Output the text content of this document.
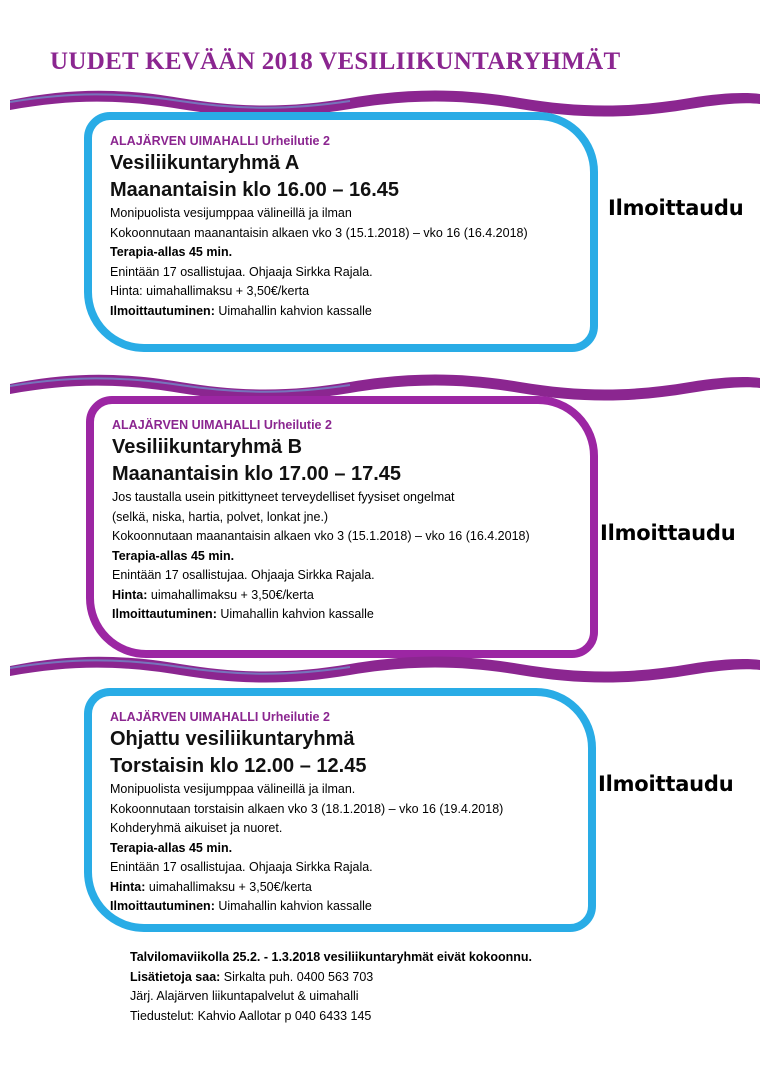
UUDET KEVÄÄN 2018 VESILIIKUNTARYHMÄT
ALAJÄRVEN UIMAHALLI Urheilutie 2
Vesiliikuntaryhmä A
Maanantaisin klo 16.00 – 16.45
Monipuolista vesijumppaa välineillä ja ilman
Kokoonnutaan maanantaisin alkaen vko 3 (15.1.2018) – vko 16 (16.4.2018)
Terapia-allas 45 min.
Enintään 17 osallistujaa. Ohjaaja Sirkka Rajala.
Hinta: uimahallimaksu + 3,50€/kerta
Ilmoittautuminen: Uimahallin kahvion kassalle
Ilmoittaudu
ALAJÄRVEN UIMAHALLI Urheilutie 2
Vesiliikuntaryhmä B
Maanantaisin klo 17.00 – 17.45
Jos taustalla usein pitkittyneet terveydelliset fyysiset ongelmat
(selkä, niska, hartia, polvet, lonkat jne.)
Kokoonnutaan maanantaisin alkaen vko 3 (15.1.2018) – vko 16 (16.4.2018)
Terapia-allas 45 min.
Enintään 17 osallistujaa. Ohjaaja Sirkka Rajala.
Hinta: uimahallimaksu + 3,50€/kerta
Ilmoittautuminen: Uimahallin kahvion kassalle
Ilmoittaudu
ALAJÄRVEN UIMAHALLI Urheilutie 2
Ohjattu vesiliikuntaryhmä
Torstaisin klo 12.00 – 12.45
Monipuolista vesijumppaa välineillä ja ilman.
Kokoonnutaan torstaisin alkaen vko 3 (18.1.2018) – vko 16 (19.4.2018)
Kohderyhmä aikuiset ja nuoret.
Terapia-allas 45 min.
Enintään 17 osallistujaa. Ohjaaja Sirkka Rajala.
Hinta: uimahallimaksu + 3,50€/kerta
Ilmoittautuminen: Uimahallin kahvion kassalle
Ilmoittaudu
Talvilomaviikolla 25.2. - 1.3.2018 vesiliikuntaryhmät eivät kokoonnu.
Lisätietoja saa: Sirkalta puh. 0400 563 703
Järj. Alajärven liikuntapalvelut & uimahalli
Tiedustelut: Kahvio Aallotar p 040 6433 145
